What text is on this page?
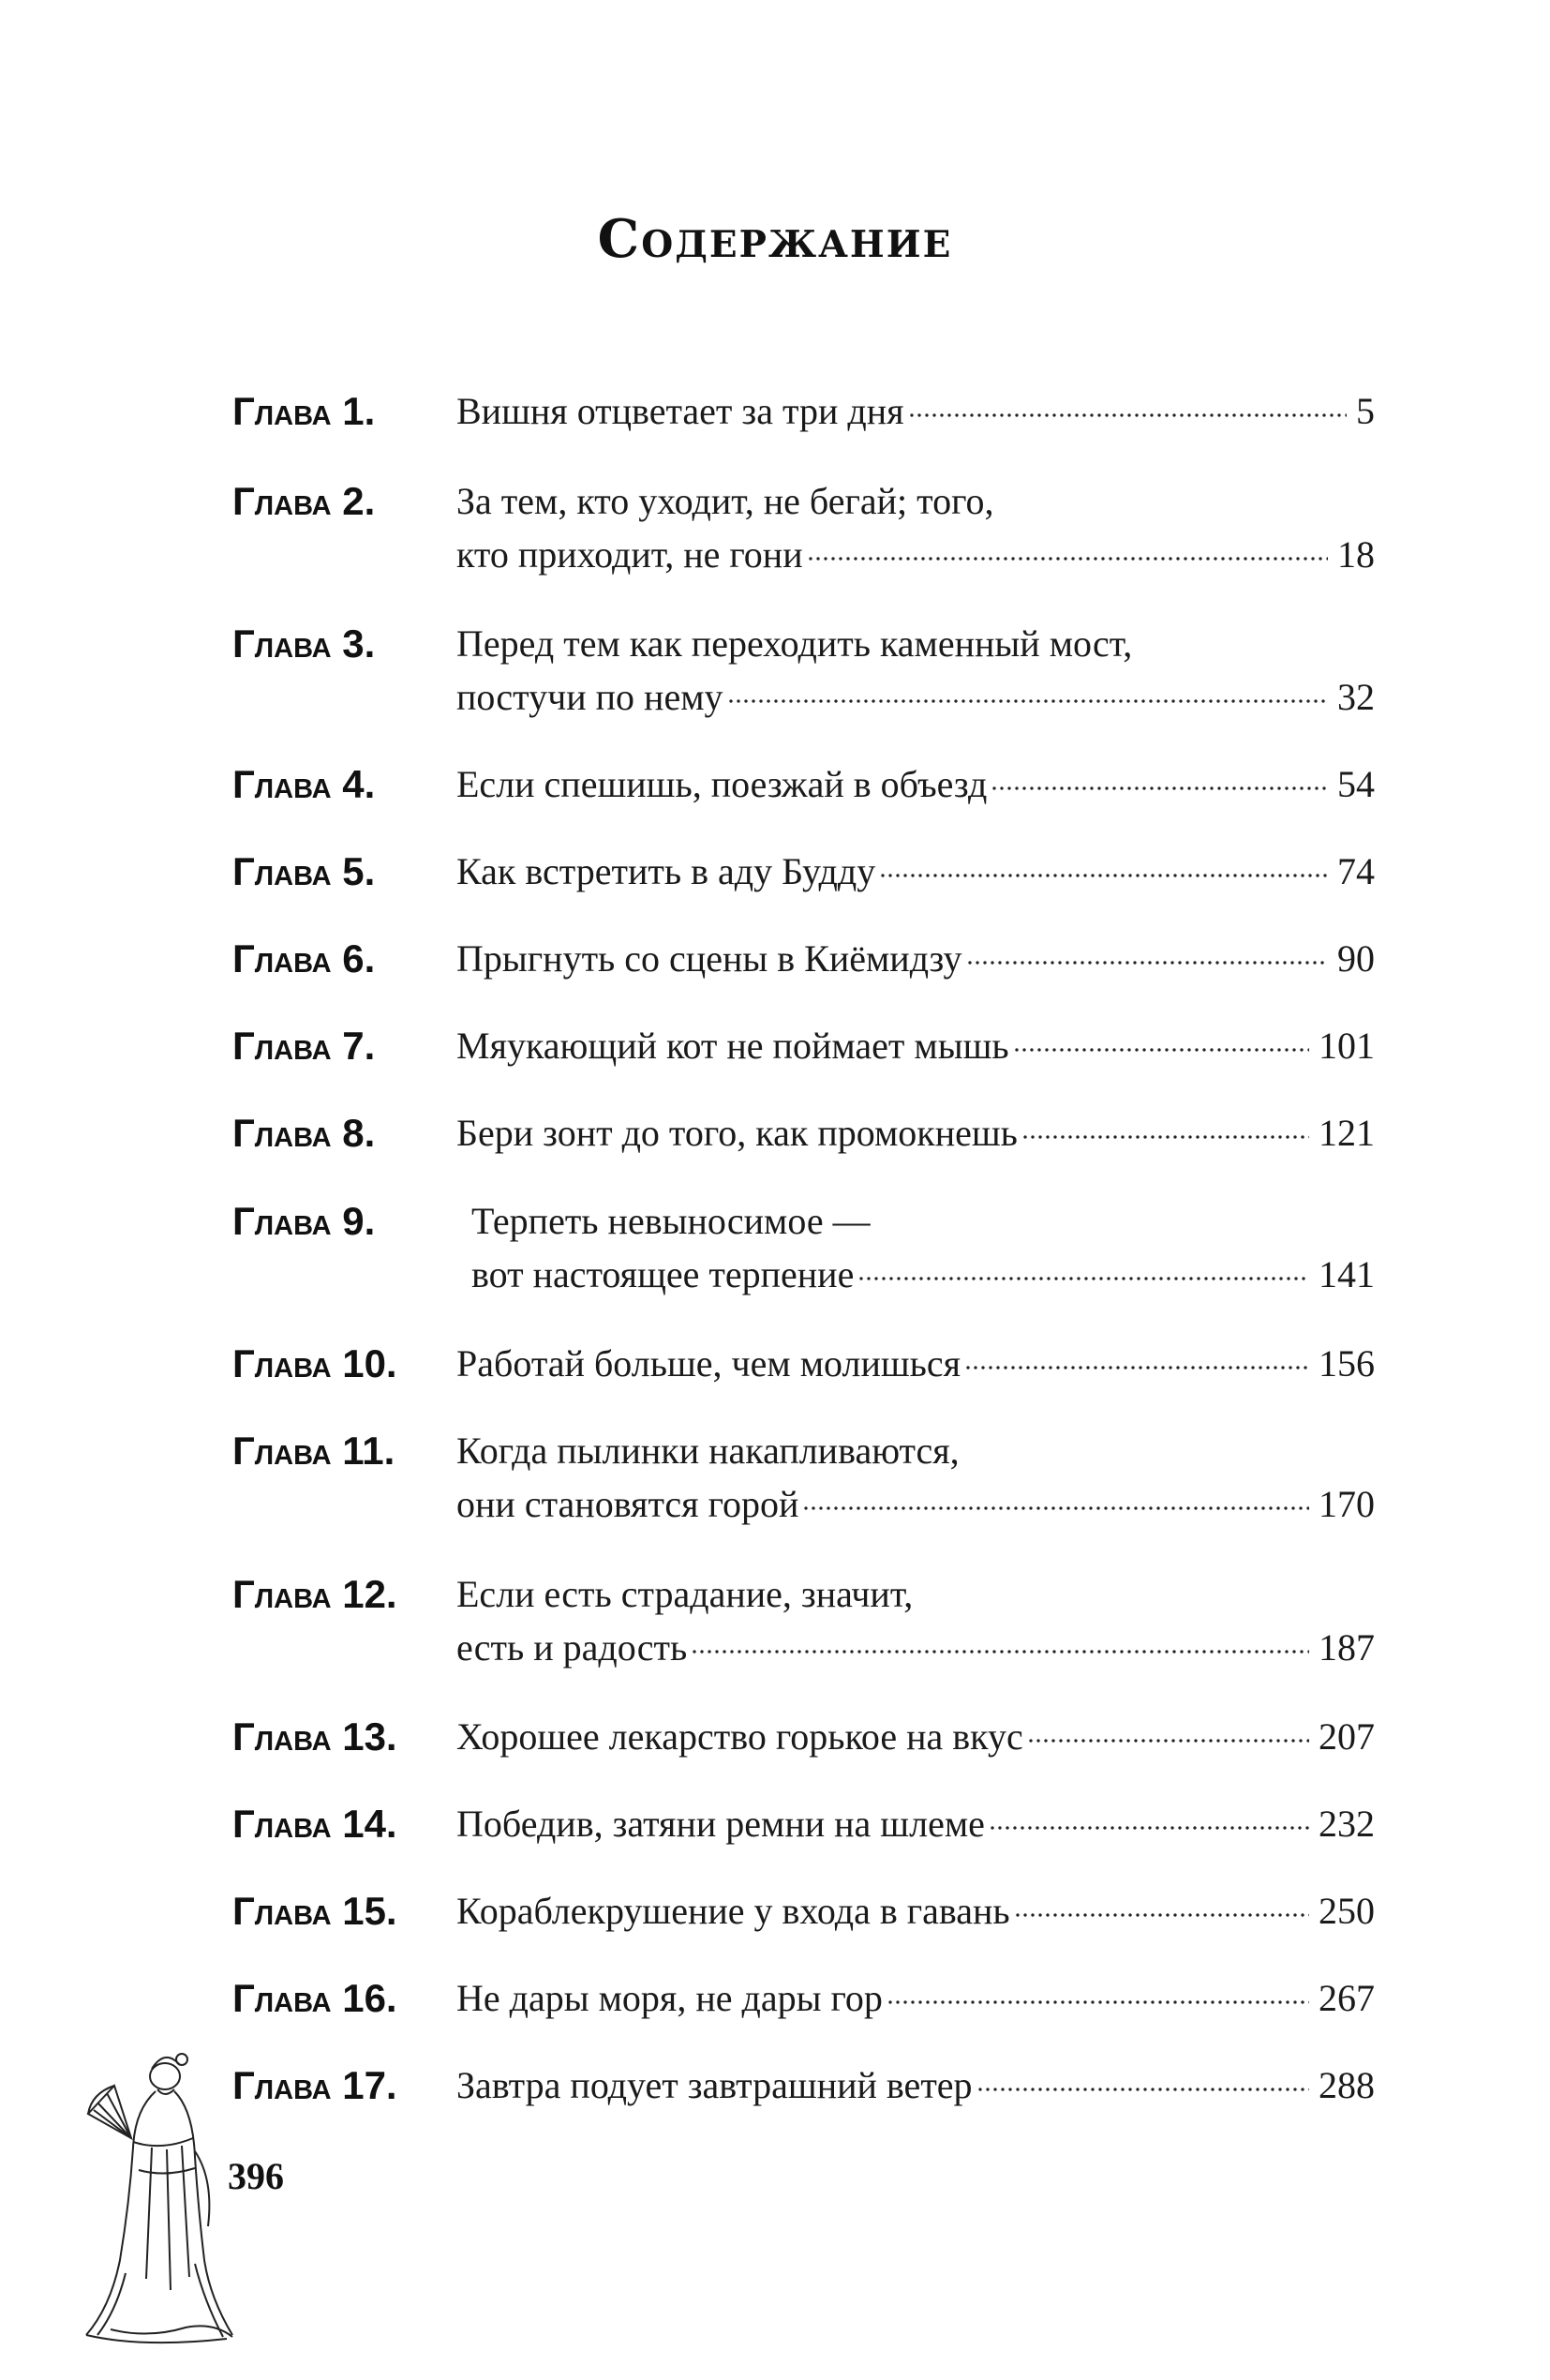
Содержание
Глава 1. Вишня отцветает за три дня	5
Глава 2. За тем, кто уходит, не бегай; того,
кто приходит, не гони	18
Глава 3. Перед тем как переходить каменный мост,
постучи по нему	32
Глава 4. Если спешишь, поезжай в объезд	54
Глава 5. Как встретить в аду Будду	74
Глава 6. Прыгнуть со сцены в Киёмидзу	90
Глава 7. Мяукающий кот не поймает мышь	101
Глава 8. Бери зонт до того, как промокнешь	121
Глава 9.	Терпеть невыносимое —
вот настоящее терпение	141
Глава 10. Работай больше, чем молишься	156
Глава 11. Когда пылинки накапливаются,
они становятся горой	170
Глава 12. Если есть страдание, значит,
есть и радость	187
Глава 13. Хорошее лекарство горькое на вкус	207
Глава 14. Победив, затяни ремни на шлеме	232
Глава 15. Кораблекрушение у входа в гавань	250
Глава 16. Не дары моря, не дары гор	267
Глава 17. Завтра подует завтрашний ветер	288
396
